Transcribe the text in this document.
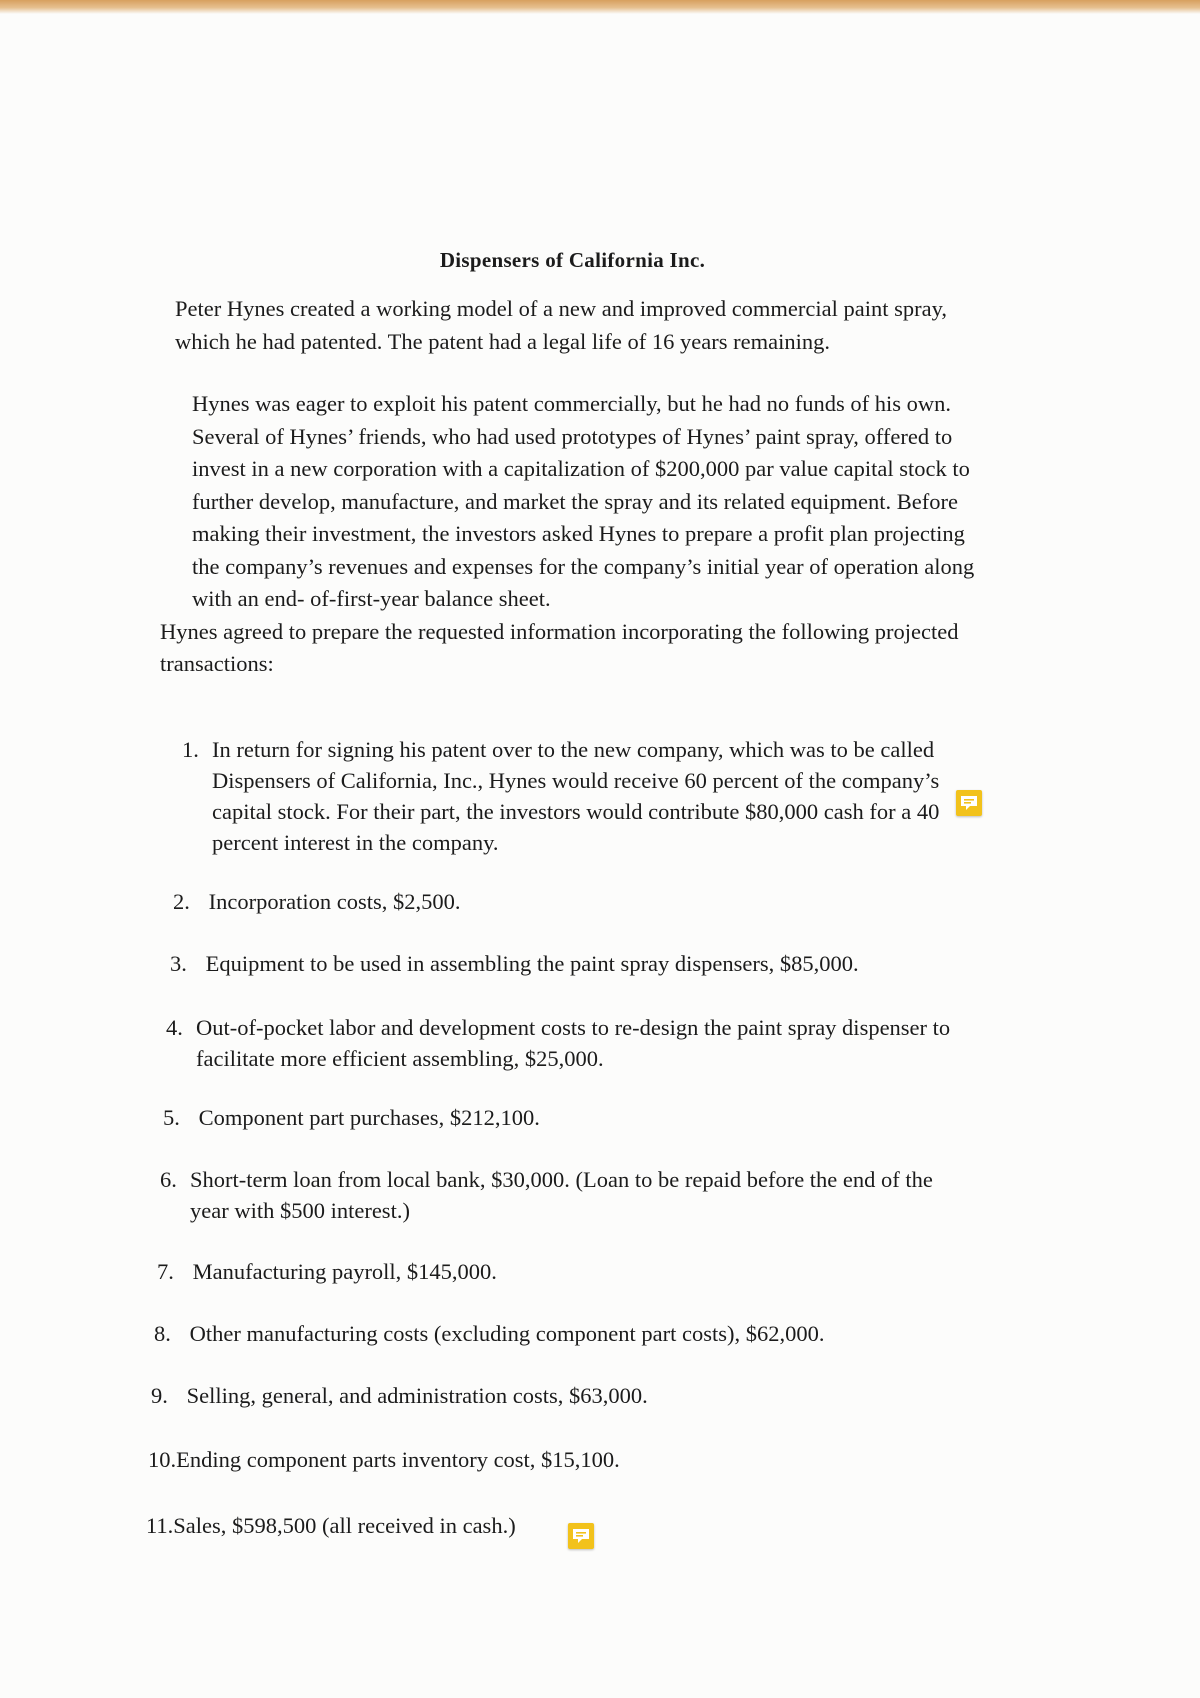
Dispensers of California Inc.

Peter Hynes created a working model of a new and improved commercial paint spray, which he had patented. The patent had a legal life of 16 years remaining.

Hynes was eager to exploit his patent commercially, but he had no funds of his own. Several of Hynes’ friends, who had used prototypes of Hynes’ paint spray, offered to invest in a new corporation with a capitalization of $200,000 par value capital stock to further develop, manufacture, and market the spray and its related equipment. Before making their investment, the investors asked Hynes to prepare a profit plan projecting the company’s revenues and expenses for the company’s initial year of operation along with an end- of-first-year balance sheet.
Hynes agreed to prepare the requested information incorporating the following projected transactions:
1. In return for signing his patent over to the new company, which was to be called Dispensers of California, Inc., Hynes would receive 60 percent of the company’s capital stock. For their part, the investors would contribute $80,000 cash for a 40 percent interest in the company.
2. Incorporation costs, $2,500.
3. Equipment to be used in assembling the paint spray dispensers, $85,000.
4. Out-of-pocket labor and development costs to re-design the paint spray dispenser to facilitate more efficient assembling, $25,000.
5. Component part purchases, $212,100.
6. Short-term loan from local bank, $30,000. (Loan to be repaid before the end of the year with $500 interest.)
7. Manufacturing payroll, $145,000.
8. Other manufacturing costs (excluding component part costs), $62,000.
9. Selling, general, and administration costs, $63,000.
10.Ending component parts inventory cost, $15,100.
11.Sales, $598,500 (all received in cash.)
